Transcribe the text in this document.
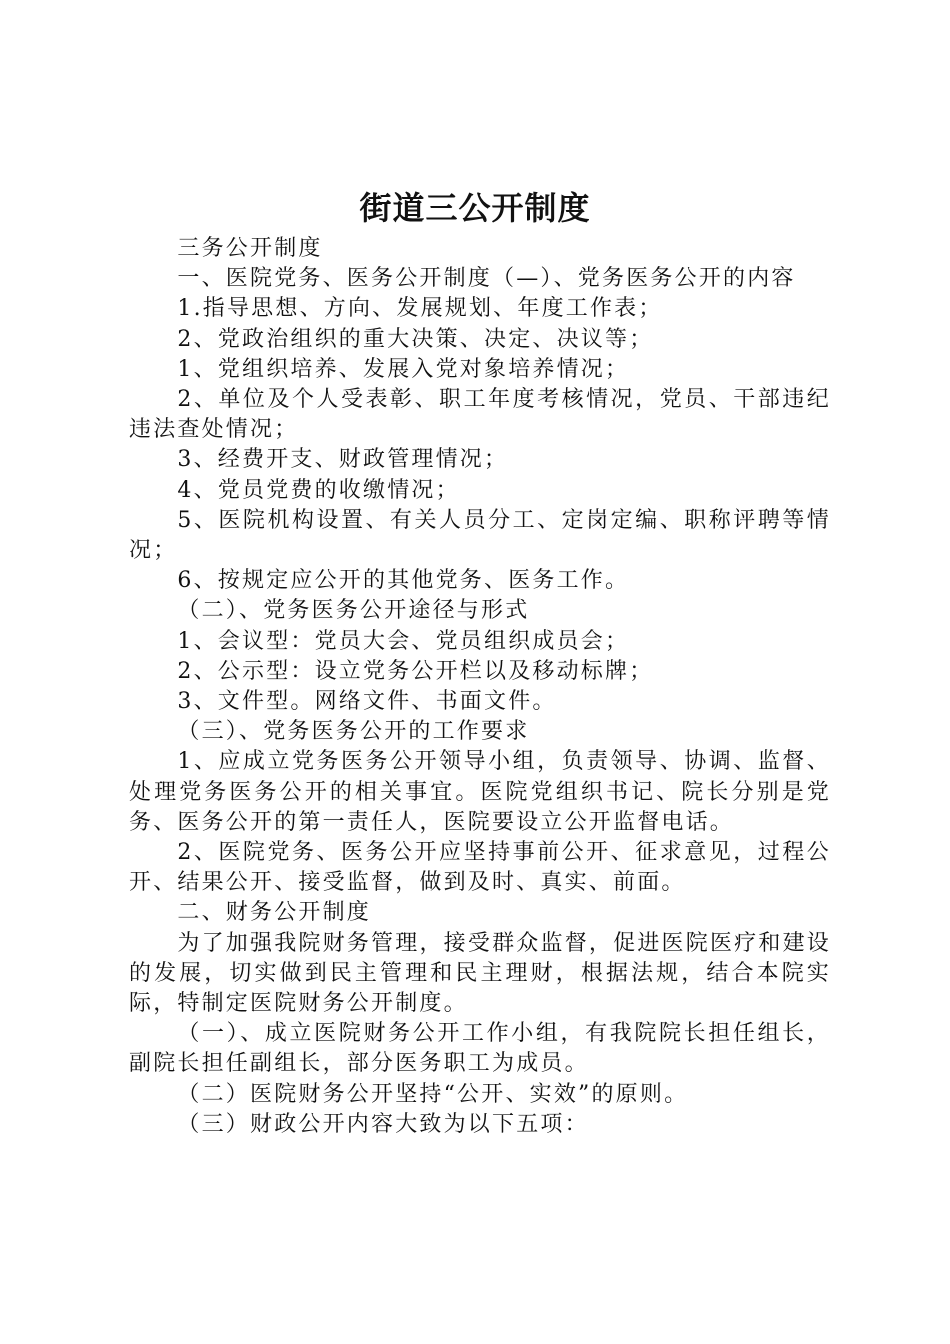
街道三公开制度

三务公开制度

一、医院党务、医务公开制度（—）、党务医务公开的内容

1.指导思想、方向、发展规划、年度工作表；

2、党政治组织的重大决策、决定、决议等；

1、党组织培养、发展入党对象培养情况；

2、单位及个人受表彰、职工年度考核情况，党员、干部违纪违法查处情况；

3、经费开支、财政管理情况；

4、党员党费的收缴情况；

5、医院机构设置、有关人员分工、定岗定编、职称评聘等情况；

6、按规定应公开的其他党务、医务工作。

（二）、党务医务公开途径与形式

1、会议型：党员大会、党员组织成员会；

2、公示型：设立党务公开栏以及移动标牌；

3、文件型。网络文件、书面文件。

（三）、党务医务公开的工作要求

1、应成立党务医务公开领导小组，负责领导、协调、监督、处理党务医务公开的相关事宜。医院党组织书记、院长分别是党务、医务公开的第一责任人，医院要设立公开监督电话。

2、医院党务、医务公开应坚持事前公开、征求意见，过程公开、结果公开、接受监督，做到及时、真实、前面。

二、财务公开制度

为了加强我院财务管理，接受群众监督，促进医院医疗和建设的发展，切实做到民主管理和民主理财，根据法规，结合本院实际，特制定医院财务公开制度。

（一）、成立医院财务公开工作小组，有我院院长担任组长，副院长担任副组长，部分医务职工为成员。

（二）医院财务公开坚持“公开、实效”的原则。

（三）财政公开内容大致为以下五项：
